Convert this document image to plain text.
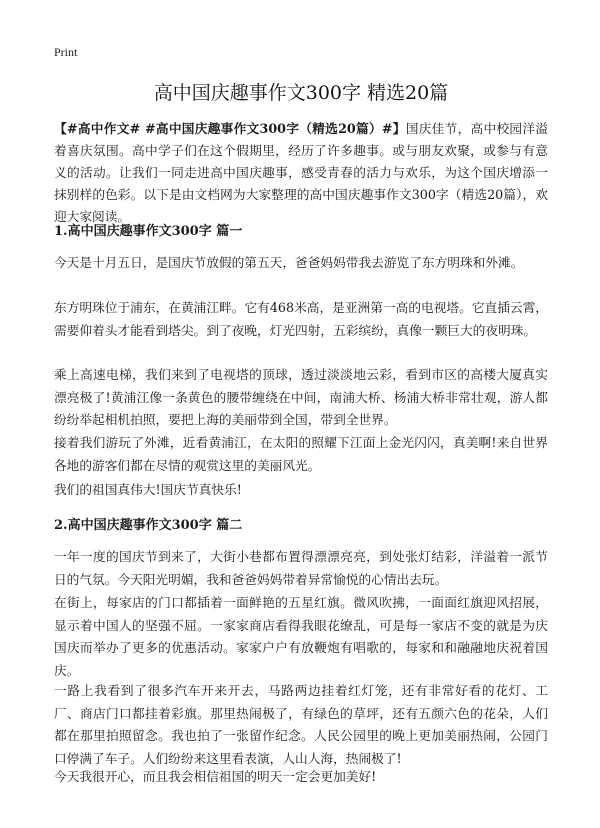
Print
高中国庆趣事作文300字 精选20篇
【#高中作文# #高中国庆趣事作文300字（精选20篇）#】国庆佳节，高中校园洋溢着喜庆氛围。高中学子们在这个假期里，经历了许多趣事。或与朋友欢聚，或参与有意义的活动。让我们一同走进高中国庆趣事，感受青春的活力与欢乐，为这个国庆增添一抹别样的色彩。以下是由文档网为大家整理的高中国庆趣事作文300字（精选20篇），欢迎大家阅读。
1.高中国庆趣事作文300字 篇一
今天是十月五日，是国庆节放假的第五天，爸爸妈妈带我去游览了东方明珠和外滩。
东方明珠位于浦东，在黄浦江畔。它有468米高，是亚洲第一高的电视塔。它直插云霄，需要仰着头才能看到塔尖。到了夜晚，灯光四射，五彩缤纷，真像一颗巨大的夜明珠。
乘上高速电梯，我们来到了电视塔的顶球，透过淡淡地云彩，看到市区的高楼大厦真实漂亮极了!黄浦江像一条黄色的腰带缠绕在中间，南浦大桥、杨浦大桥非常壮观，游人都纷纷举起相机拍照，要把上海的美丽带到全国，带到全世界。
接着我们游玩了外滩，近看黄浦江，在太阳的照耀下江面上金光闪闪，真美啊!来自世界各地的游客们都在尽情的观赏这里的美丽风光。
我们的祖国真伟大!国庆节真快乐!
2.高中国庆趣事作文300字 篇二
一年一度的国庆节到来了，大街小巷都布置得漂漂亮亮，到处张灯结彩，洋溢着一派节日的气氛。今天阳光明媚，我和爸爸妈妈带着异常愉悦的心情出去玩。
在街上，每家店的门口都插着一面鲜艳的五星红旗。微风吹拂，一面面红旗迎风招展，显示着中国人的坚强不屈。一家家商店看得我眼花缭乱，可是每一家店不变的就是为庆国庆而举办了更多的优惠活动。家家户户有放鞭炮有唱歌的，每家和和融融地庆祝着国庆。
一路上我看到了很多汽车开来开去，马路两边挂着红灯笼，还有非常好看的花灯、工厂、商店门口都挂着彩旗。那里热闹极了，有绿色的草坪，还有五颜六色的花朵，人们都在那里拍照留念。我也拍了一张留作纪念。人民公园里的晚上更加美丽热闹，公园门口停满了车子。人们纷纷来这里看表演，人山人海，热闹极了!
今天我很开心，而且我会相信祖国的明天一定会更加美好!
